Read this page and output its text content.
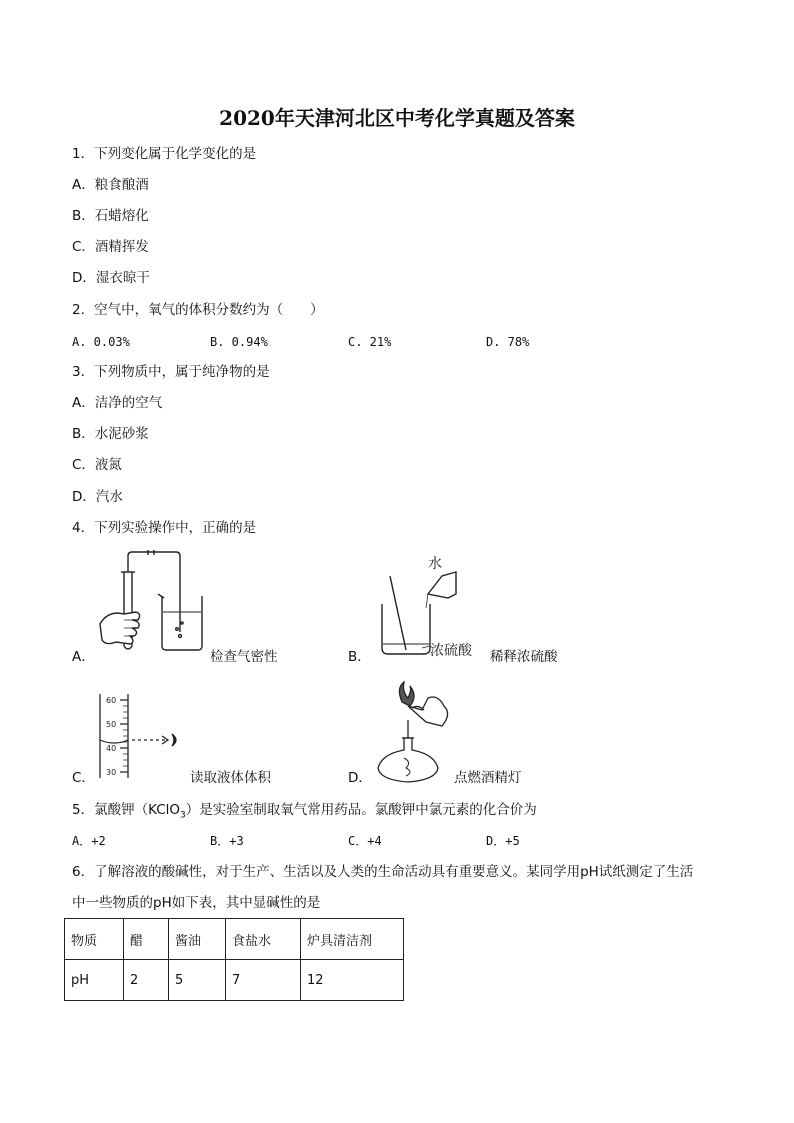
2020年天津河北区中考化学真题及答案
1．下列变化属于化学变化的是
A．粮食酿酒
B．石蜡熔化
C．酒精挥发
D．湿衣晾干
2．空气中，氧气的体积分数约为（　　）
A. 0.03%	B. 0.94%	C. 21%	D. 78%
3．下列物质中，属于纯净物的是
A．洁净的空气
B．水泥砂浆
C．液氮
D．汽水
4．下列实验操作中，正确的是
A．	检查气密性
水
浓硫酸
B．	稀释浓硫酸
60
50
40
30
C．	读取液体体积	D．	点燃酒精灯
5．氯酸钾（KClO$_3$）是实验室制取氧气常用药品。氯酸钾中氯元素的化合价为
A．+2	B．+3	C．+4	D．+5
6．了解溶液的酸碱性，对于生产、生活以及人类的生命活动具有重要意义。某同学用pH试纸测定了生活
中一些物质的pH如下表，其中显碱性的是
物质	醋	酱油	食盐水	炉具清洁剂
pH	2	5	7	12
